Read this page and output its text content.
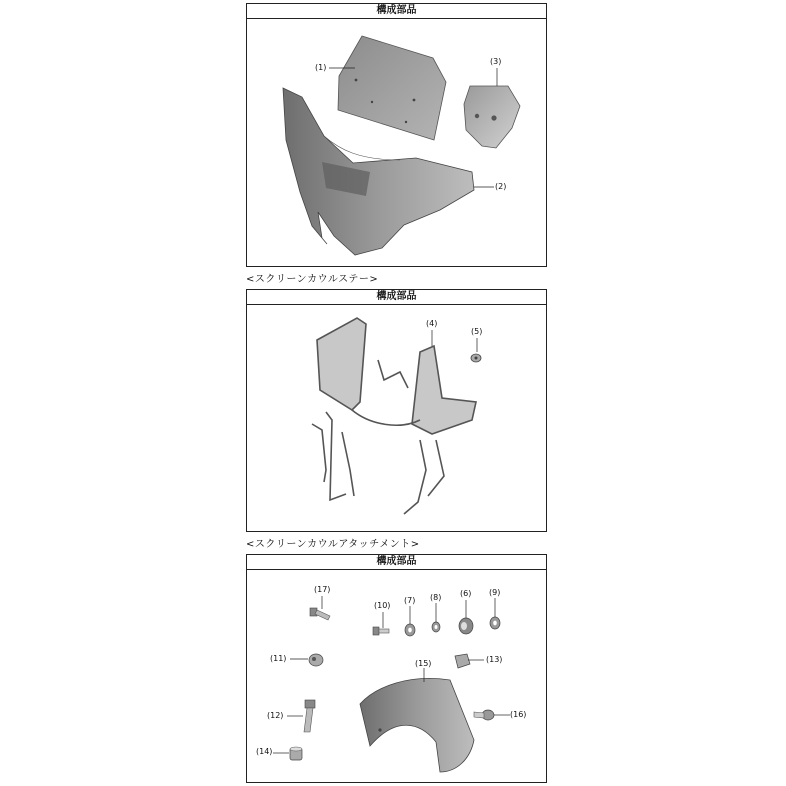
構成部品
<スクリーンカウルステー>
構成部品
<スクリーンカウルアタッチメント>
構成部品
(1)
(2)
(3)
(4)
(5)
(17)
(10)
(7) (8) (6) (9)
(11)	(13)
(15)
(12)	(16)
(14)
